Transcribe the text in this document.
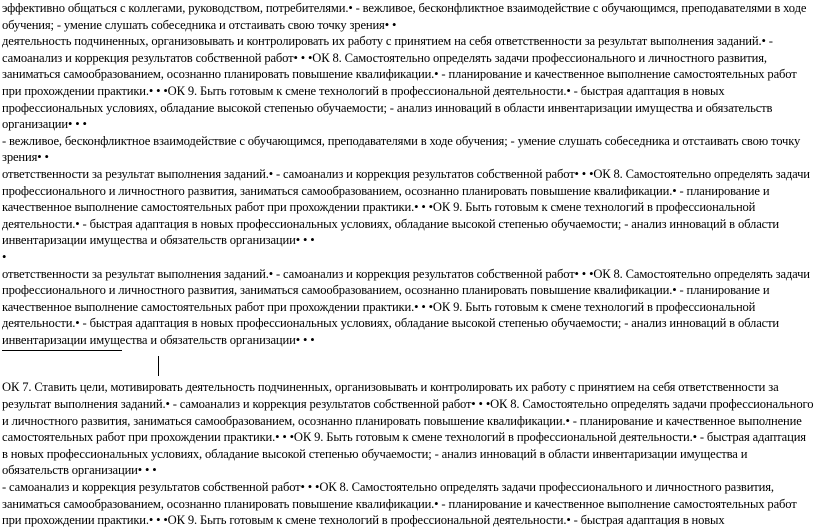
эффективно общаться с коллегами, руководством, потребителями.• - вежливое, бесконфликтное взаимодействие с обучающимся, преподавателями в ходе обучения; - умение слушать собеседника и отстаивать свою точку зрения• •

деятельность подчиненных, организовывать и контролировать их работу с принятием на себя ответственности за результат выполнения заданий.• - самоанализ и коррекция результатов собственной работ• • •ОК 8. Самостоятельно определять задачи профессионального и личностного развития, заниматься самообразованием, осознанно планировать повышение квалификации.• - планирование и качественное выполнение самостоятельных работ при прохождении практики.• • •ОК 9. Быть готовым к смене технологий в профессиональной деятельности.• - быстрая адаптация в новых профессиональных условиях, обладание высокой степенью обучаемости; - анализ инноваций в области инвентаризации имущества и обязательств организации• • •

- вежливое, бесконфликтное взаимодействие с обучающимся, преподавателями в ходе обучения; - умение слушать собеседника и отстаивать свою точку зрения• •

ответственности за результат выполнения заданий.• - самоанализ и коррекция результатов собственной работ• • •ОК 8. Самостоятельно определять задачи профессионального и личностного развития, заниматься самообразованием, осознанно планировать повышение квалификации.• - планирование и качественное выполнение самостоятельных работ при прохождении практики.• • •ОК 9. Быть готовым к смене технологий в профессиональной деятельности.• - быстрая адаптация в новых профессиональных условиях, обладание высокой степенью обучаемости; - анализ инноваций в области инвентаризации имущества и обязательств организации• • •

•

ответственности за результат выполнения заданий.• - самоанализ и коррекция результатов собственной работ• • •ОК 8. Самостоятельно определять задачи профессионального и личностного развития, заниматься самообразованием, осознанно планировать повышение квалификации.• - планирование и качественное выполнение самостоятельных работ при прохождении практики.• • •ОК 9. Быть готовым к смене технологий в профессиональной деятельности.• - быстрая адаптация в новых профессиональных условиях, обладание высокой степенью обучаемости; - анализ инноваций в области инвентаризации имущества и обязательств организации• • •

ОК 7. Ставить цели, мотивировать деятельность подчиненных, организовывать и контролировать их работу с принятием на себя ответственности за результат выполнения заданий.• - самоанализ и коррекция результатов собственной работ• • •ОК 8. Самостоятельно определять задачи профессионального и личностного развития, заниматься самообразованием, осознанно планировать повышение квалификации.• - планирование и качественное выполнение самостоятельных работ при прохождении практики.• • •ОК 9. Быть готовым к смене технологий в профессиональной деятельности.• - быстрая адаптация в новых профессиональных условиях, обладание высокой степенью обучаемости; - анализ инноваций в области инвентаризации имущества и обязательств организации• • •

- самоанализ и коррекция результатов собственной работ• • •ОК 8. Самостоятельно определять задачи профессионального и личностного развития, заниматься самообразованием, осознанно планировать повышение квалификации.• - планирование и качественное выполнение самостоятельных работ при прохождении практики.• • •ОК 9. Быть готовым к смене технологий в профессиональной деятельности.• - быстрая адаптация в новых
